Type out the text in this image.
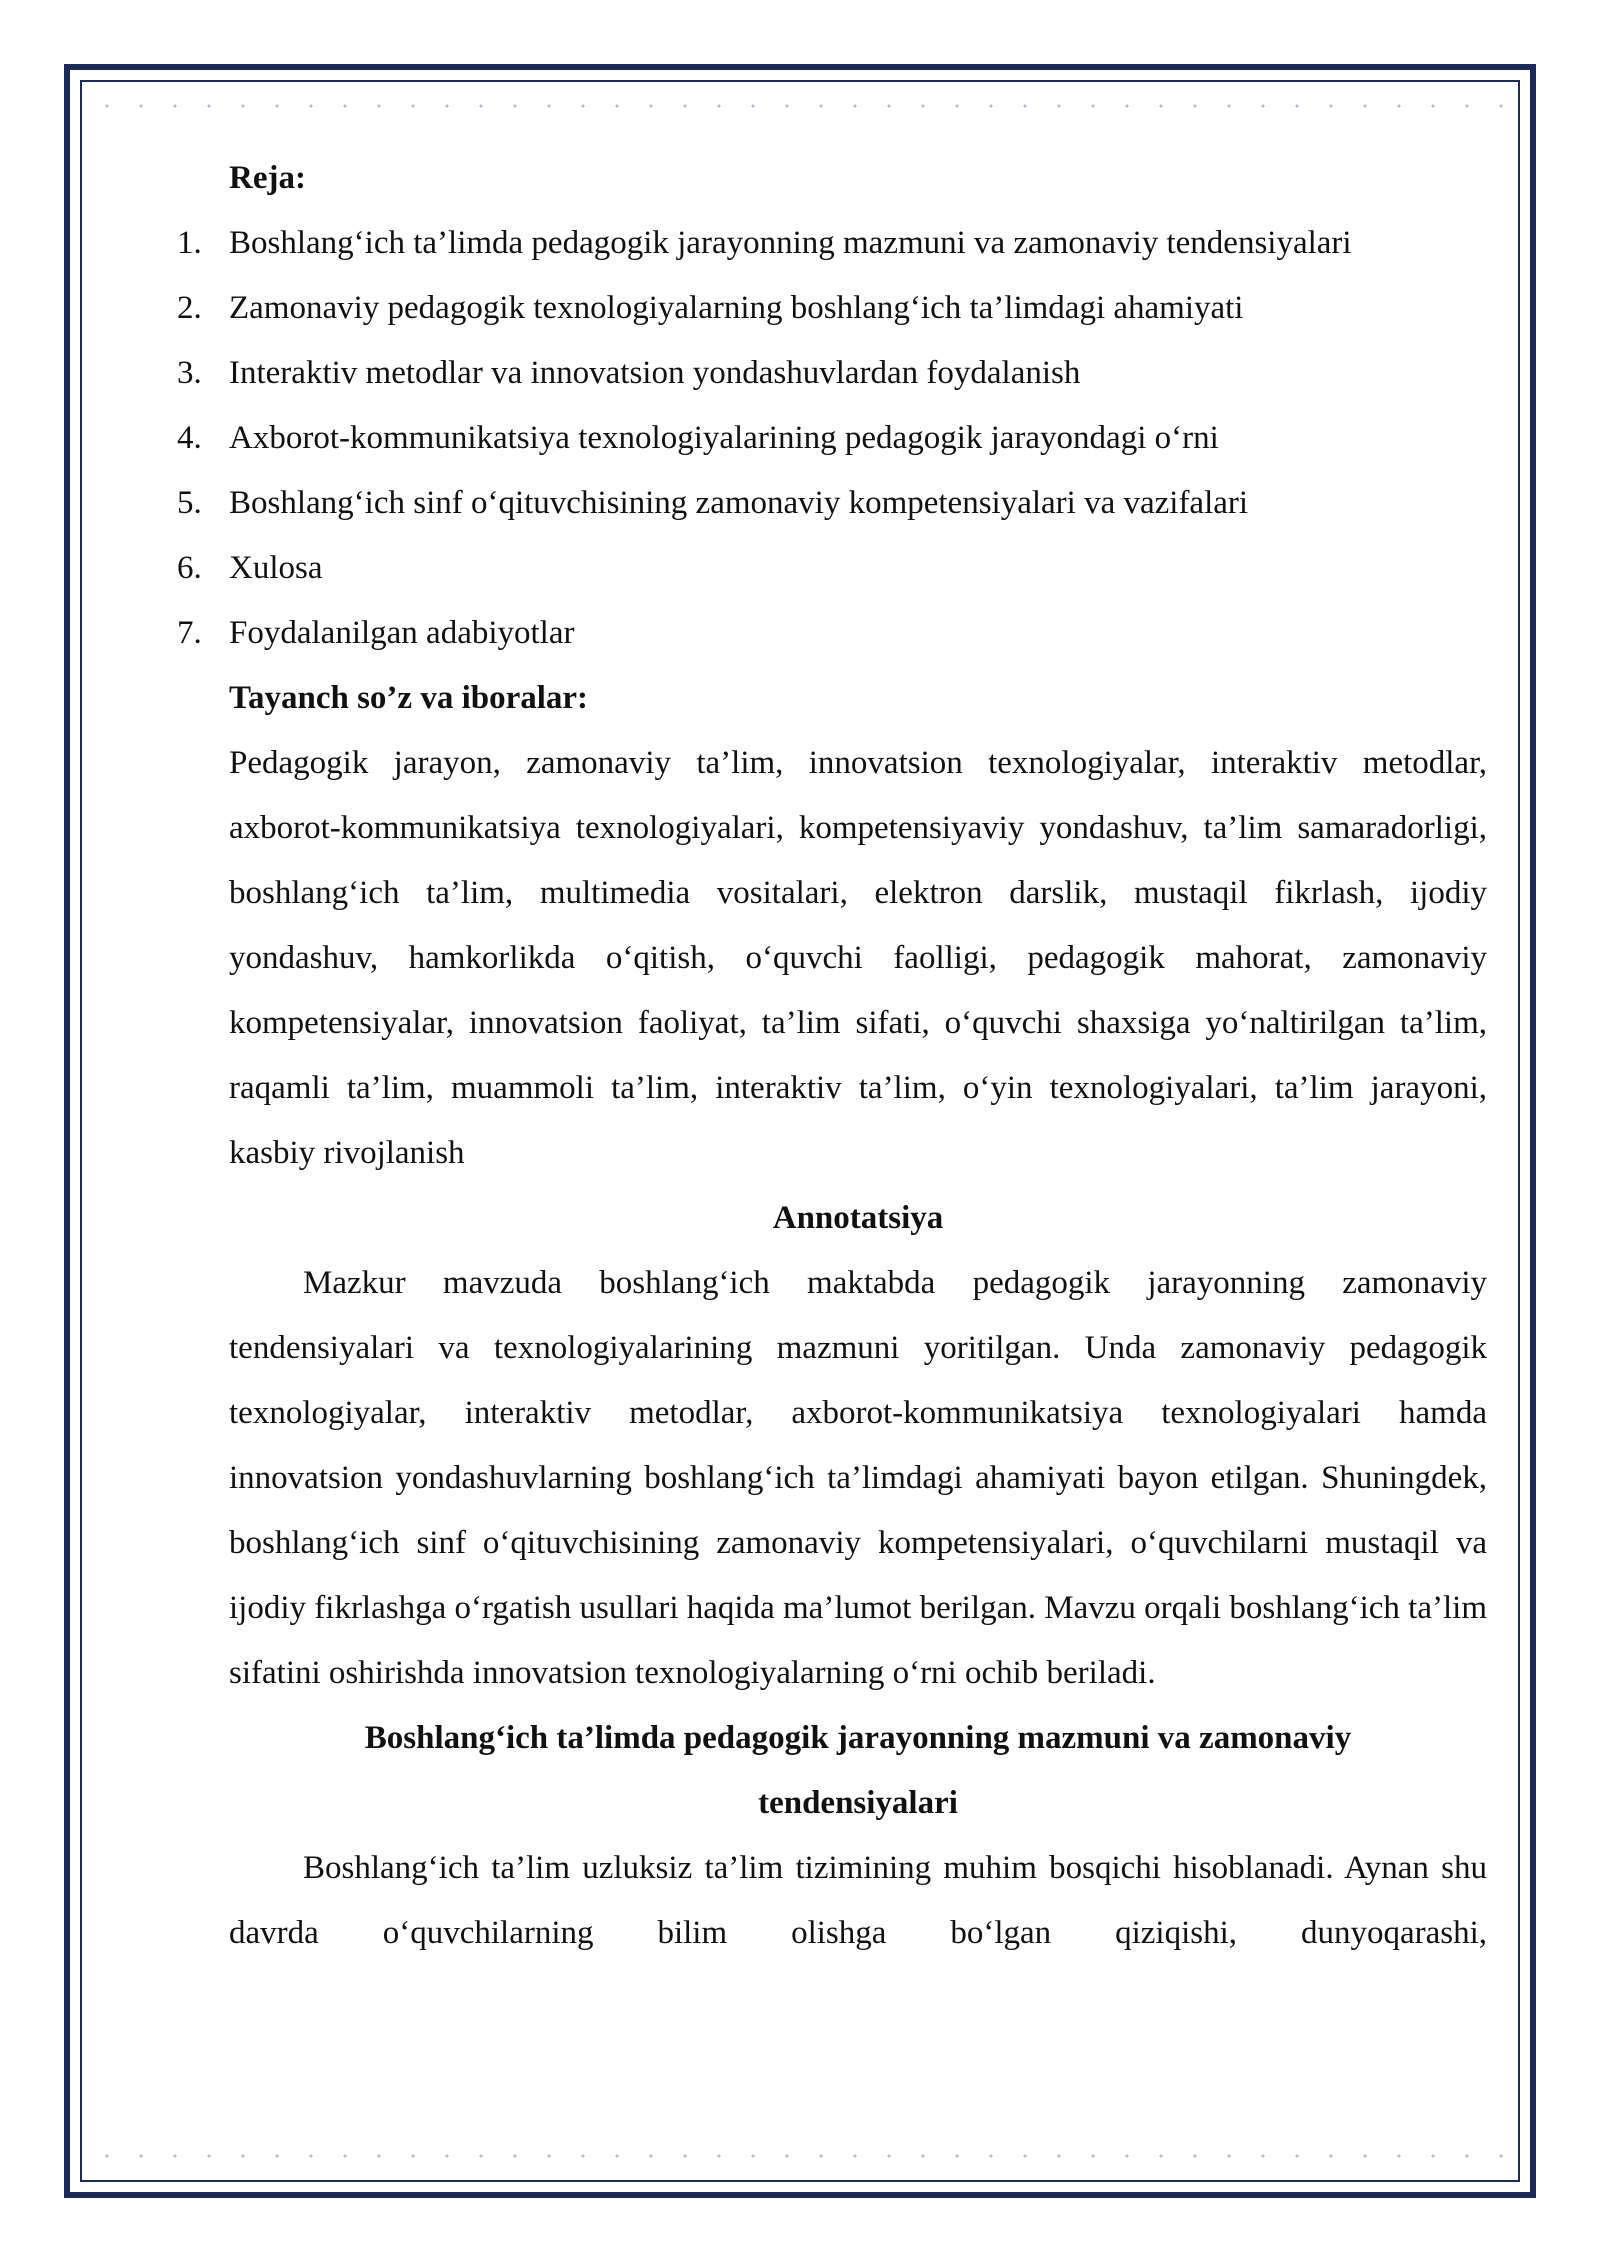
Reja:

1. Boshlang‘ich ta’limda pedagogik jarayonning mazmuni va zamonaviy tendensiyalari
2. Zamonaviy pedagogik texnologiyalarning boshlang‘ich ta’limdagi ahamiyati
3. Interaktiv metodlar va innovatsion yondashuvlardan foydalanish
4. Axborot-kommunikatsiya texnologiyalarining pedagogik jarayondagi o‘rni
5. Boshlang‘ich sinf o‘qituvchisining zamonaviy kompetensiyalari va vazifalari
6. Xulosa
7. Foydalanilgan adabiyotlar

Tayanch so’z va iboralar:

Pedagogik jarayon, zamonaviy ta’lim, innovatsion texnologiyalar, interaktiv metodlar, axborot-kommunikatsiya texnologiyalari, kompetensiyaviy yondashuv, ta’lim samaradorligi, boshlang‘ich ta’lim, multimedia vositalari, elektron darslik, mustaqil fikrlash, ijodiy yondashuv, hamkorlikda o‘qitish, o‘quvchi faolligi, pedagogik mahorat, zamonaviy kompetensiyalar, innovatsion faoliyat, ta’lim sifati, o‘quvchi shaxsiga yo‘naltirilgan ta’lim, raqamli ta’lim, muammoli ta’lim, interaktiv ta’lim, o‘yin texnologiyalari, ta’lim jarayoni, kasbiy rivojlanish

Annotatsiya

Mazkur mavzuda boshlang‘ich maktabda pedagogik jarayonning zamonaviy tendensiyalari va texnologiyalarining mazmuni yoritilgan. Unda zamonaviy pedagogik texnologiyalar, interaktiv metodlar, axborot-kommunikatsiya texnologiyalari hamda innovatsion yondashuvlarning boshlang‘ich ta’limdagi ahamiyati bayon etilgan. Shuningdek, boshlang‘ich sinf o‘qituvchisining zamonaviy kompetensiyalari, o‘quvchilarni mustaqil va ijodiy fikrlashga o‘rgatish usullari haqida ma’lumot berilgan. Mavzu orqali boshlang‘ich ta’lim sifatini oshirishda innovatsion texnologiyalarning o‘rni ochib beriladi.

Boshlang‘ich ta’limda pedagogik jarayonning mazmuni va zamonaviy

tendensiyalari

Boshlang‘ich ta’lim uzluksiz ta’lim tizimining muhim bosqichi hisoblanadi. Aynan shu davrda o‘quvchilarning bilim olishga bo‘lgan qiziqishi, dunyoqarashi,
